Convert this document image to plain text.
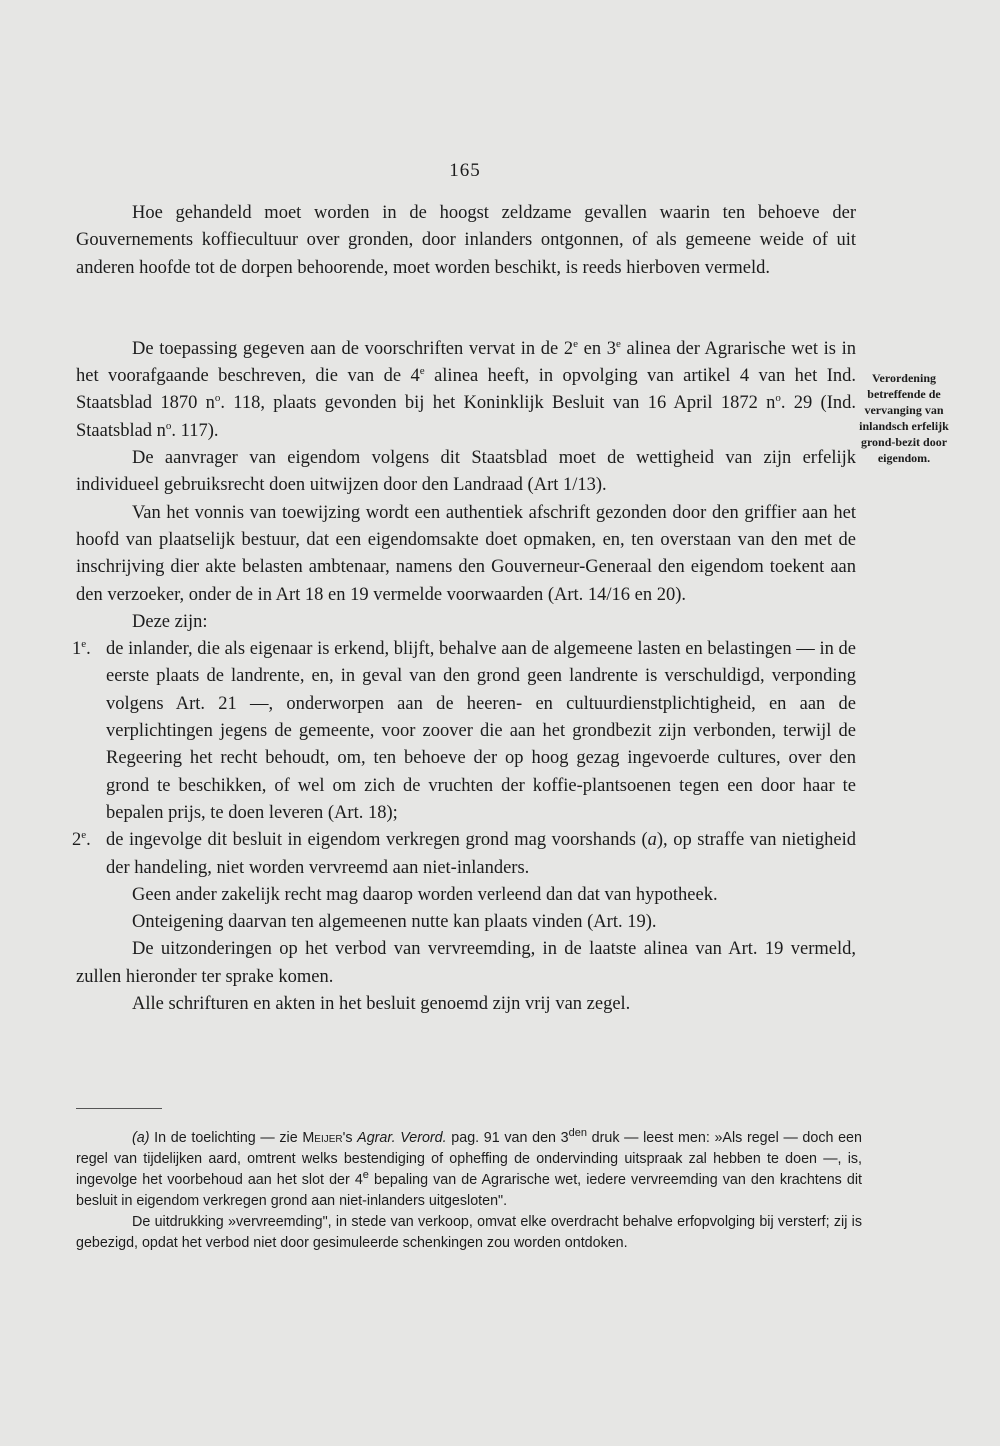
165

Hoe gehandeld moet worden in de hoogst zeldzame gevallen waarin ten behoeve der Gouvernements koffiecultuur over gronden, door inlanders ontgonnen, of als gemeene weide of uit anderen hoofde tot de dorpen behoorende, moet worden beschikt, is reeds hierboven vermeld.

De toepassing gegeven aan de voorschriften vervat in de 2e en 3e alinea der Agrarische wet is in het voorafgaande beschreven, die van de 4e alinea heeft, in opvolging van artikel 4 van het Ind. Staatsblad 1870 $n^o$. 118, plaats gevonden bij het Koninklijk Besluit van 16 April 1872 $n^o$. 29 (Ind. Staatsblad $n^o$. 117).

De aanvrager van eigendom volgens dit Staatsblad moet de wettigheid van zijn erfelijk individueel gebruiksrecht doen uitwijzen door den Landraad (Art 1/13).

Van het vonnis van toewijzing wordt een authentiek afschrift gezonden door den griffier aan het hoofd van plaatselijk bestuur, dat een eigendomsakte doet opmaken, en, ten overstaan van den met de inschrijving dier akte belasten ambtenaar, namens den Gouverneur-Generaal den eigendom toekent aan den verzoeker, onder de in Art 18 en 19 vermelde voorwaarden (Art. 14/16 en 20).

Deze zijn:

1e. de inlander, die als eigenaar is erkend, blijft, behalve aan de algemeene lasten en belastingen — in de eerste plaats de landrente, en, in geval van den grond geen landrente is verschuldigd, verponding volgens Art. 21 —, onderworpen aan de heeren- en cultuurdienstplichtigheid, en aan de verplichtingen jegens de gemeente, voor zoover die aan het grondbezit zijn verbonden, terwijl de Regeering het recht behoudt, om, ten behoeve der op hoog gezag ingevoerde cultures, over den grond te beschikken, of wel om zich de vruchten der koffie-plantsoenen tegen een door haar te bepalen prijs, te doen leveren (Art. 18);
2e. de ingevolge dit besluit in eigendom verkregen grond mag voorshands (a), op straffe van nietigheid der handeling, niet worden vervreemd aan niet-inlanders.

Geen ander zakelijk recht mag daarop worden verleend dan dat van hypotheek.

Onteigening daarvan ten algemeenen nutte kan plaats vinden (Art. 19).

De uitzonderingen op het verbod van vervreemding, in de laatste alinea van Art. 19 vermeld, zullen hieronder ter sprake komen.

Alle schrifturen en akten in het besluit genoemd zijn vrij van zegel.

Verordening betreffende de vervanging van inlandsch erfelijk grond-bezit door eigendom.

(a) In de toelichting — zie Meijer's Agrar. Verord. pag. 91 van den $3^{den}$ druk — leest men: »Als regel — doch een regel van tijdelijken aard, omtrent welks bestendiging of opheffing de ondervinding uitspraak zal hebben te doen —, is, ingevolge het voorbehoud aan het slot der 4e bepaling van de Agrarische wet, iedere vervreemding van den krachtens dit besluit in eigendom verkregen grond aan niet-inlanders uitgesloten".

De uitdrukking »vervreemding", in stede van verkoop, omvat elke overdracht behalve erfopvolging bij versterf; zij is gebezigd, opdat het verbod niet door gesimuleerde schenkingen zou worden ontdoken.
